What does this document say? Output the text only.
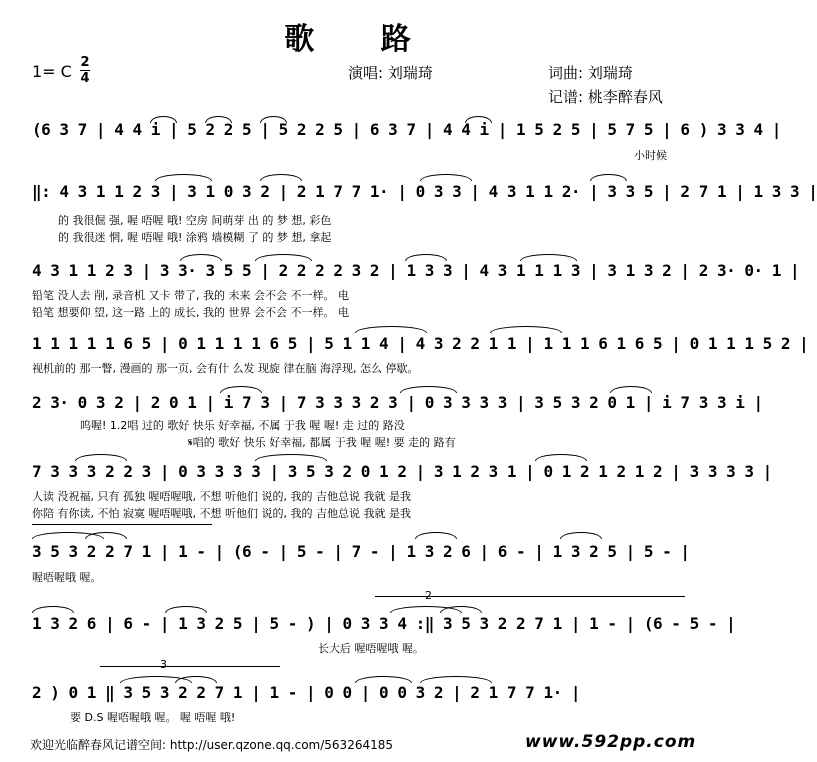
歌 路
1= C 2
4	演唱: 刘瑞琦	词曲: 刘瑞琦
记谱: 桃李醉春风
(6 3 7 | 4 4 i | 5 2 2 5 | 5 2 2 5 | 6 3 7 | 4 4 i | 1 5 2 5 | 5 7 5 | 6 ) 3 3 4 |
小时候
‖: 4 3 1 1 2 3 | 3 1 0 3 2 | 2 1 7 7 1· | 0 3 3 | 4 3 1 1 2· | 3 3 5 | 2 7 1 | 1 3 3 |
的 我很倔 强, 喔 唔喔 哦! 空房 间萌芽 出 的 梦 想, 彩色
的 我很迷 惘, 喔 唔喔 哦! 涂鸦 墙模糊 了 的 梦 想, 拿起
4 3 1 1 2 3 | 3 3· 3 5 5 | 2 2 2 2 3 2 | 1 3 3 | 4 3 1 1 1 3 | 3 1 3 2 | 2 3· 0· 1 |
铅笔 没人去 削, 录音机 又卡 带了, 我的 未来 会不会 不一样。 电
铅笔 想要仰 望, 这一路 上的 成长, 我的 世界 会不会 不一样。 电
1 1 1 1 1 6 5 | 0 1 1 1 1 6 5 | 5 1 1 4 | 4 3 2 2 1 1 | 1 1 1 6 1 6 5 | 0 1 1 1 5 2 |
视机前的 那一瞥, 漫画的 那一页, 会有什 么发 现旋 律在脑 海浮现, 怎么 停歇。
2 3· 0 3 2 | 2 0 1 | i 7 3 | 7 3 3 3 2 3 | 0 3 3 3 3 | 3 5 3 2 0 1 | i 7 3 3 i |
呜喔! 1.2唱 过的 歌好 快乐 好幸福, 不属 于我 喔 喔! 走 过的 路没
𝄋唱的 歌好 快乐 好幸福, 都属 于我 喔 喔! 要 走的 路有
7 3 3 3 2 2 3 | 0 3 3 3 3 | 3 5 3 2 0 1 2 | 3 1 2 3 1 | 0 1 2 1 2 1 2 | 3 3 3 3 |
人读 没祝福, 只有 孤独 喔唔喔哦, 不想 听他们 说的, 我的 吉他总说 我就 是我
你陪 有你读, 不怕 寂寞 喔唔喔哦, 不想 听他们 说的, 我的 吉他总说 我就 是我
3 5 3 2 2 7 1 | 1 - | (6 - | 5 - | 7 - | 1 3 2 6 | 6 - | 1 3 2 5 | 5 - |
喔唔喔哦 喔。
2
1 3 2 6 | 6 - | 1 3 2 5 | 5 - ) | 0 3 3 4 :‖ 3 5 3 2 2 7 1 | 1 - | (6 - 5 - |
长大后 喔唔喔哦 喔。
3
2 ) 0 1 ‖ 3 5 3 2 2 7 1 | 1 - | 0 0 | 0 0 3 2 | 2 1 7 7 1· |
要 D.S 喔唔喔哦 喔。 喔 唔喔 哦!
欢迎光临醉春风记谱空间: http://user.qzone.qq.com/563264185	www.592pp.com
